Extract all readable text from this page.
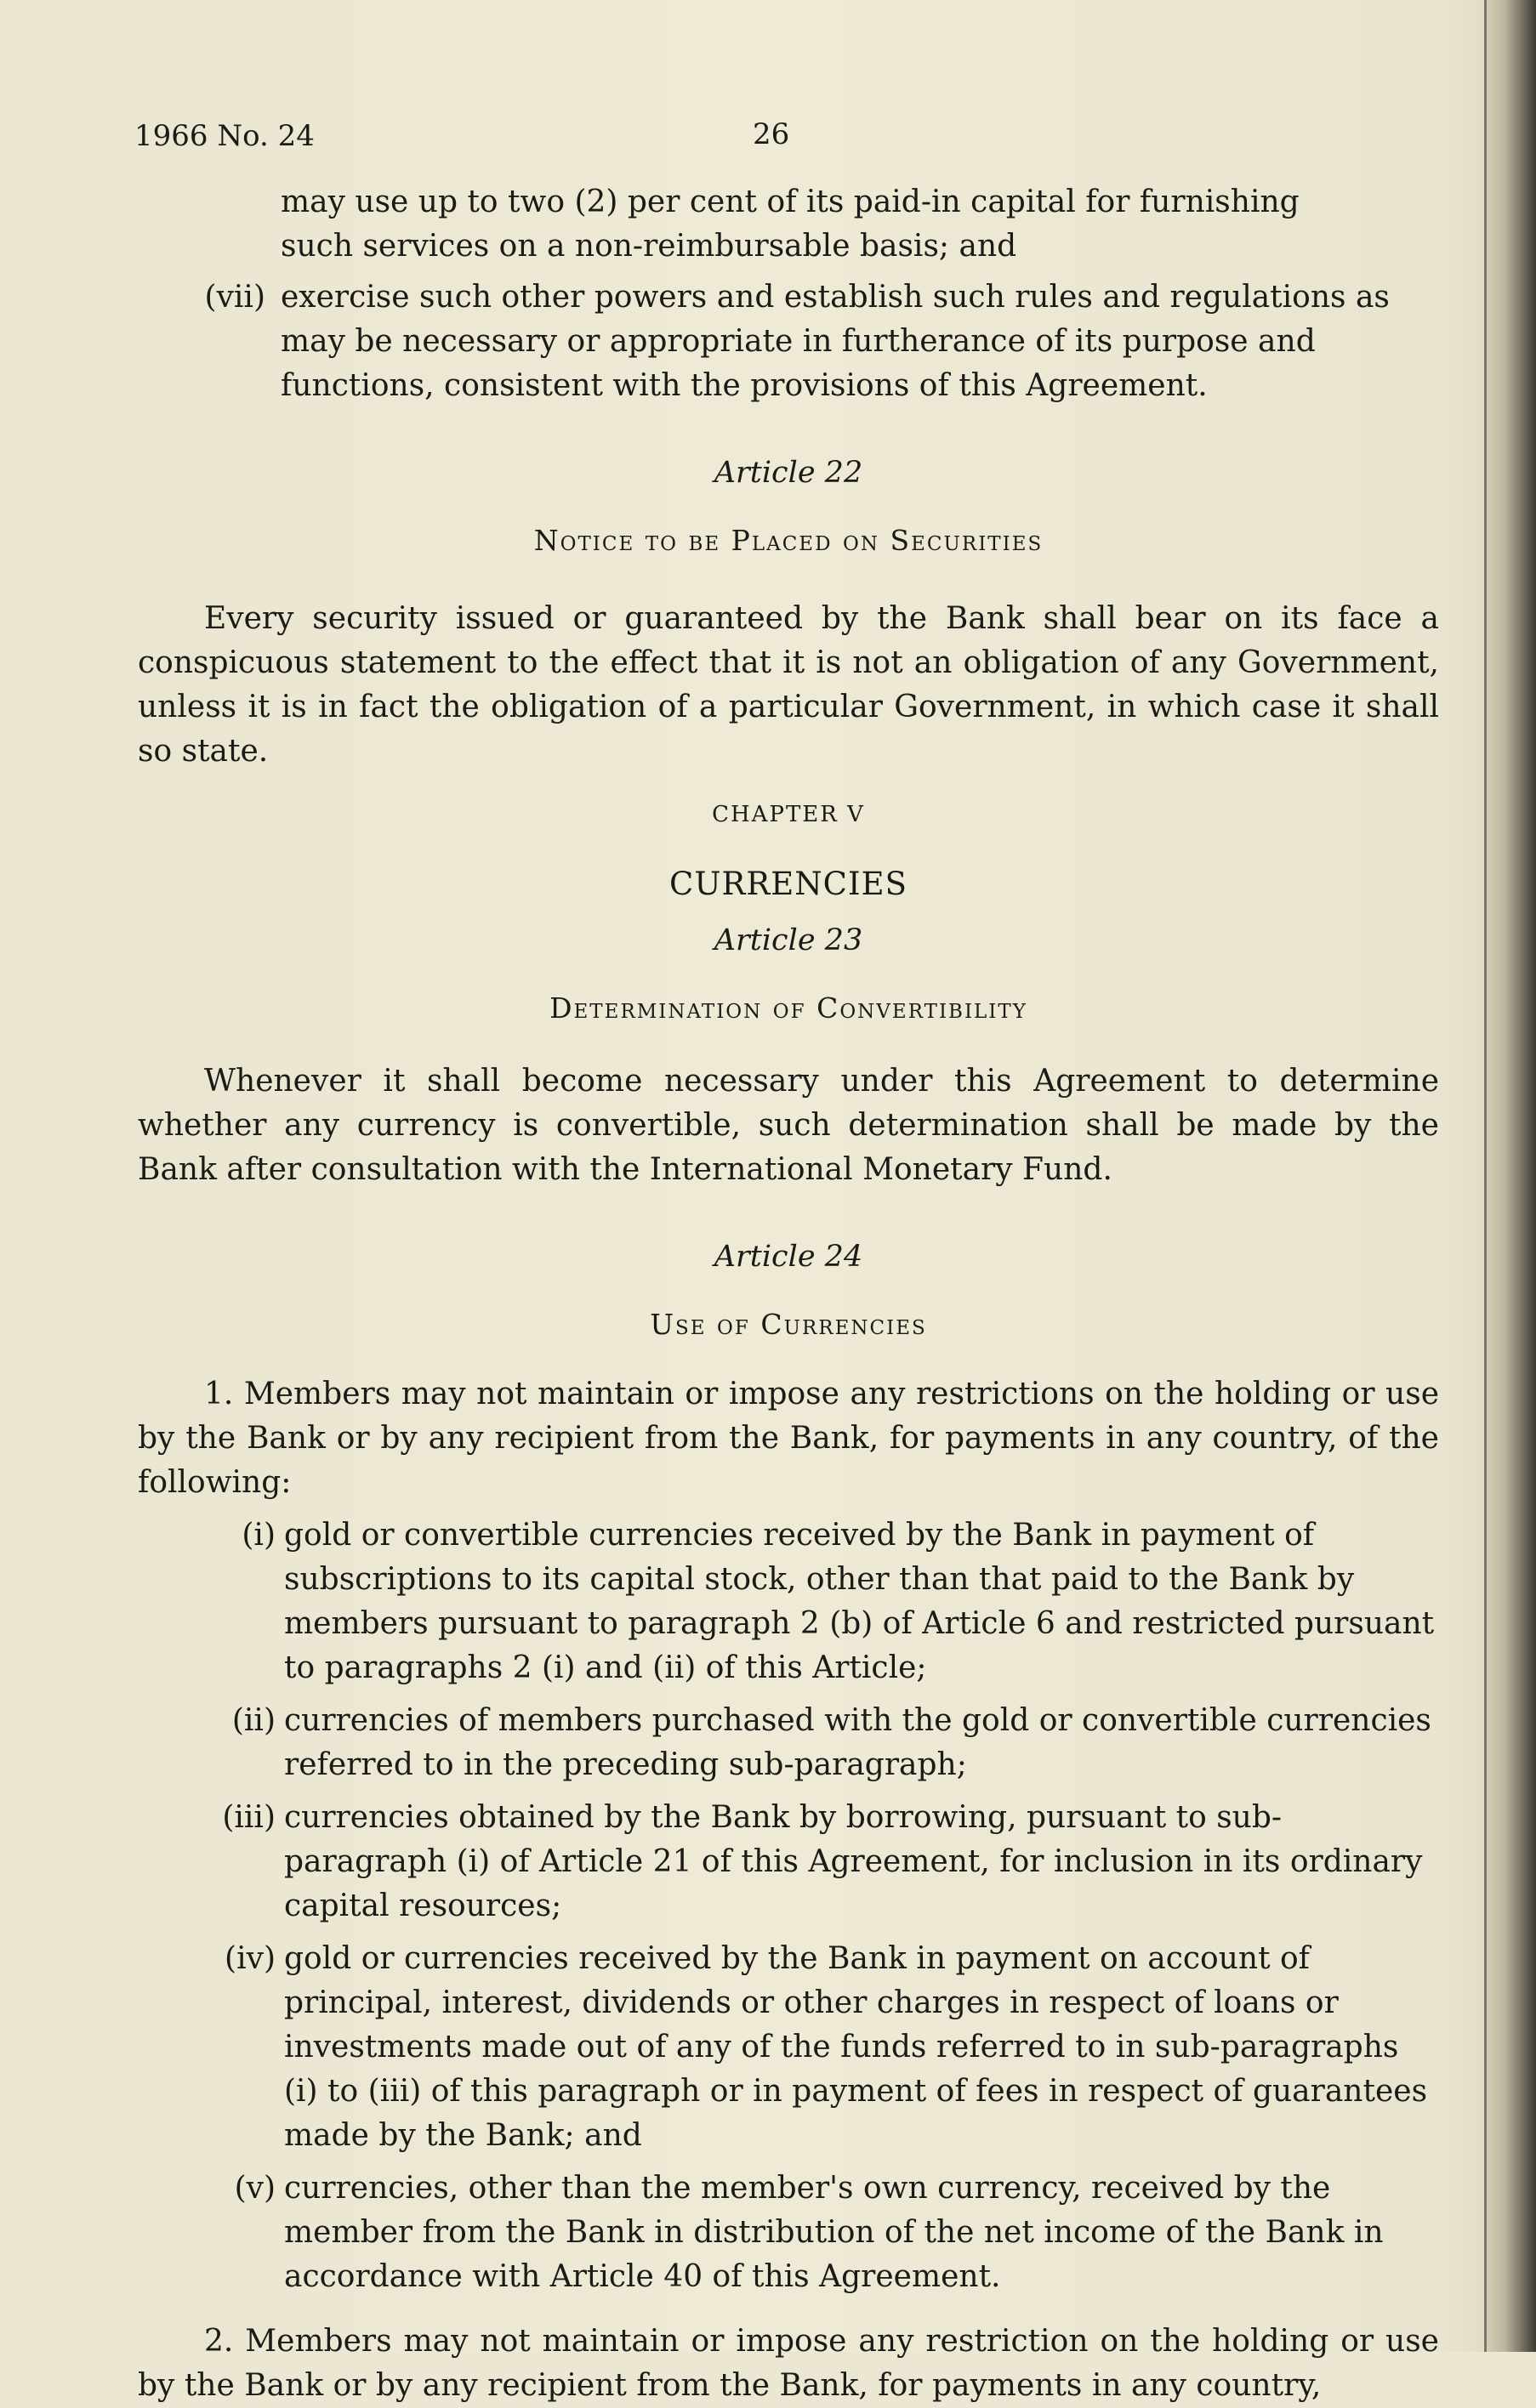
1966 No. 24	26
may use up to two (2) per cent of its paid-in capital for furnishing
such services on a non-reimbursable basis; and
(vii) exercise such other powers and establish such rules and regulations as may be necessary or appropriate in furtherance of its purpose and functions, consistent with the provisions of this Agreement.
Article 22
Notice to be Placed on Securities
Every security issued or guaranteed by the Bank shall bear on its face a conspicuous statement to the effect that it is not an obligation of any Government, unless it is in fact the obligation of a particular Government, in which case it shall so state.
CHAPTER V
CURRENCIES
Article 23
Determination of Convertibility
Whenever it shall become necessary under this Agreement to determine whether any currency is convertible, such determination shall be made by the Bank after consultation with the International Monetary Fund.
Article 24
Use of Currencies
1. Members may not maintain or impose any restrictions on the holding or use by the Bank or by any recipient from the Bank, for payments in any country, of the following:
(i) gold or convertible currencies received by the Bank in payment of subscriptions to its capital stock, other than that paid to the Bank by members pursuant to paragraph 2 (b) of Article 6 and restricted pursuant to paragraphs 2 (i) and (ii) of this Article;
(ii) currencies of members purchased with the gold or convertible currencies referred to in the preceding sub-paragraph;
(iii) currencies obtained by the Bank by borrowing, pursuant to sub-paragraph (i) of Article 21 of this Agreement, for inclusion in its ordinary capital resources;
(iv) gold or currencies received by the Bank in payment on account of principal, interest, dividends or other charges in respect of loans or investments made out of any of the funds referred to in sub-paragraphs (i) to (iii) of this paragraph or in payment of fees in respect of guarantees made by the Bank; and
(v) currencies, other than the member's own currency, received by the member from the Bank in distribution of the net income of the Bank in accordance with Article 40 of this Agreement.
2. Members may not maintain or impose any restriction on the holding or use by the Bank or by any recipient from the Bank, for payments in any country,
